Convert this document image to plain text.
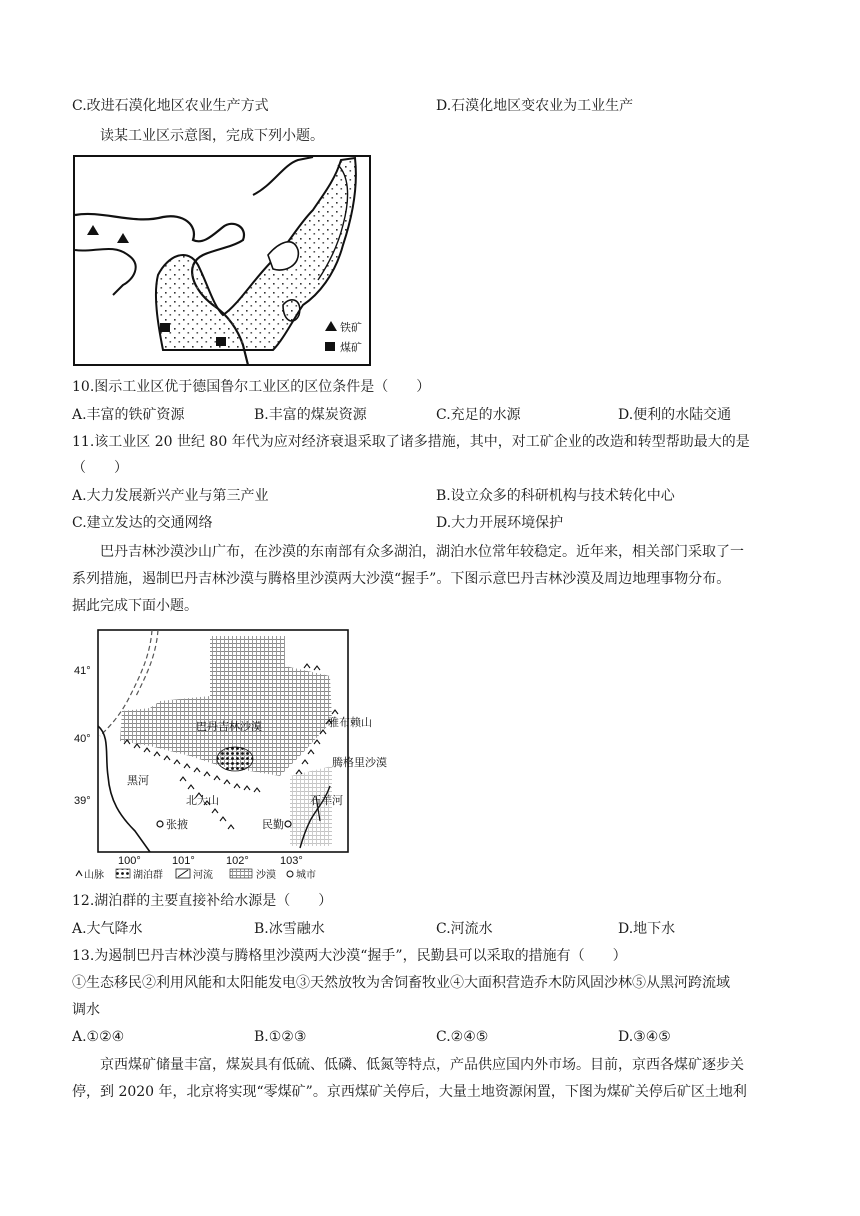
C.改进石漠化地区农业生产方式	D.石漠化地区变农业为工业生产
读某工业区示意图，完成下列小题。
铁矿
煤矿
10.图示工业区优于德国鲁尔工业区的区位条件是（　　）
A.丰富的铁矿资源	B.丰富的煤炭资源	C.充足的水源	D.便利的水陆交通
11.该工业区 20 世纪 80 年代为应对经济衰退采取了诸多措施，其中，对工矿企业的改造和转型帮助最大的是
（　　）
A.大力发展新兴产业与第三产业	B.设立众多的科研机构与技术转化中心
C.建立发达的交通网络	D.大力开展环境保护
巴丹吉林沙漠沙山广布，在沙漠的东南部有众多湖泊，湖泊水位常年较稳定。近年来，相关部门采取了一
系列措施，遏制巴丹吉林沙漠与腾格里沙漠两大沙漠“握手”。下图示意巴丹吉林沙漠及周边地理事物分布。
据此完成下面小题。
41°
40°
39°
100°	101°	102°	103°
巴丹吉林沙漠
黑河
北大山
张掖	民勤
石羊河
雅布赖山
腾格里沙漠
山脉	湖泊群	河流	沙漠 城市
12.湖泊群的主要直接补给水源是（　　）
A.大气降水	B.冰雪融水	C.河流水	D.地下水
13.为遏制巴丹吉林沙漠与腾格里沙漠两大沙漠“握手”，民勤县可以采取的措施有（　　）
①生态移民②利用风能和太阳能发电③天然放牧为舍饲畜牧业④大面积营造乔木防风固沙林⑤从黑河跨流域
调水
A.①②④	B.①②③	C.②④⑤	D.③④⑤
京西煤矿储量丰富，煤炭具有低硫、低磷、低氮等特点，产品供应国内外市场。目前，京西各煤矿逐步关
停，到 2020 年，北京将实现“零煤矿”。京西煤矿关停后，大量土地资源闲置，下图为煤矿关停后矿区土地利
